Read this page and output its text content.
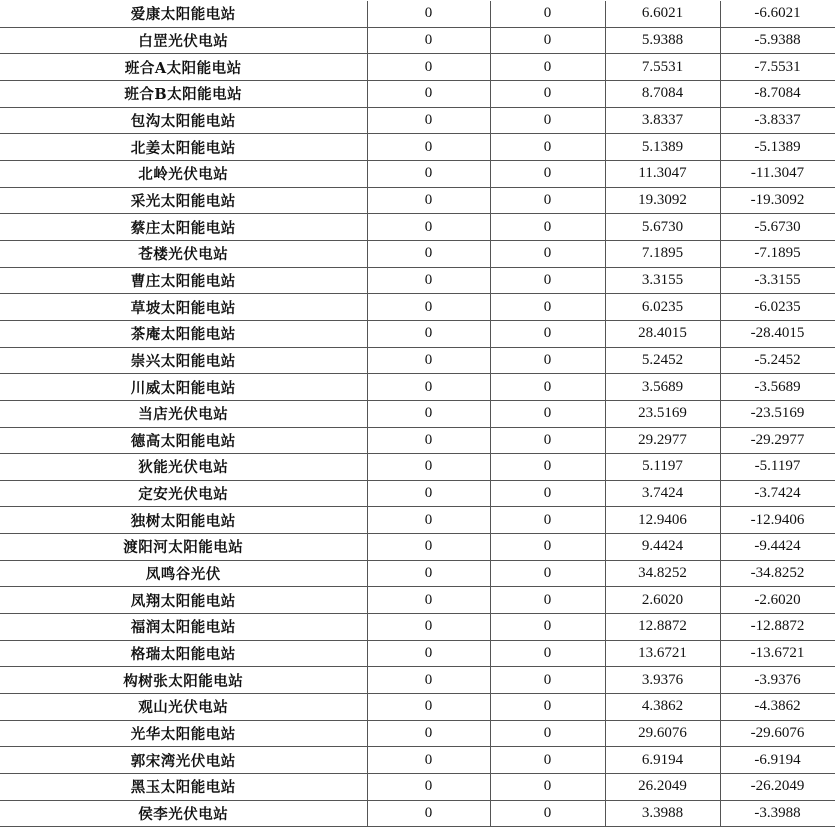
爱康太阳能电站	0	0	6.6021	-6.6021
白罡光伏电站	0	0	5.9388	-5.9388
班合A太阳能电站	0	0	7.5531	-7.5531
班合B太阳能电站	0	0	8.7084	-8.7084
包沟太阳能电站	0	0	3.8337	-3.8337
北姜太阳能电站	0	0	5.1389	-5.1389
北岭光伏电站	0	0	11.3047	-11.3047
采光太阳能电站	0	0	19.3092	-19.3092
蔡庄太阳能电站	0	0	5.6730	-5.6730
苍楼光伏电站	0	0	7.1895	-7.1895
曹庄太阳能电站	0	0	3.3155	-3.3155
草坡太阳能电站	0	0	6.0235	-6.0235
茶庵太阳能电站	0	0	28.4015	-28.4015
崇兴太阳能电站	0	0	5.2452	-5.2452
川威太阳能电站	0	0	3.5689	-3.5689
当店光伏电站	0	0	23.5169	-23.5169
德高太阳能电站	0	0	29.2977	-29.2977
狄能光伏电站	0	0	5.1197	-5.1197
定安光伏电站	0	0	3.7424	-3.7424
独树太阳能电站	0	0	12.9406	-12.9406
渡阳河太阳能电站	0	0	9.4424	-9.4424
凤鸣谷光伏	0	0	34.8252	-34.8252
凤翔太阳能电站	0	0	2.6020	-2.6020
福润太阳能电站	0	0	12.8872	-12.8872
格瑞太阳能电站	0	0	13.6721	-13.6721
构树张太阳能电站	0	0	3.9376	-3.9376
观山光伏电站	0	0	4.3862	-4.3862
光华太阳能电站	0	0	29.6076	-29.6076
郭宋湾光伏电站	0	0	6.9194	-6.9194
黑玉太阳能电站	0	0	26.2049	-26.2049
侯李光伏电站	0	0	3.3988	-3.3988
